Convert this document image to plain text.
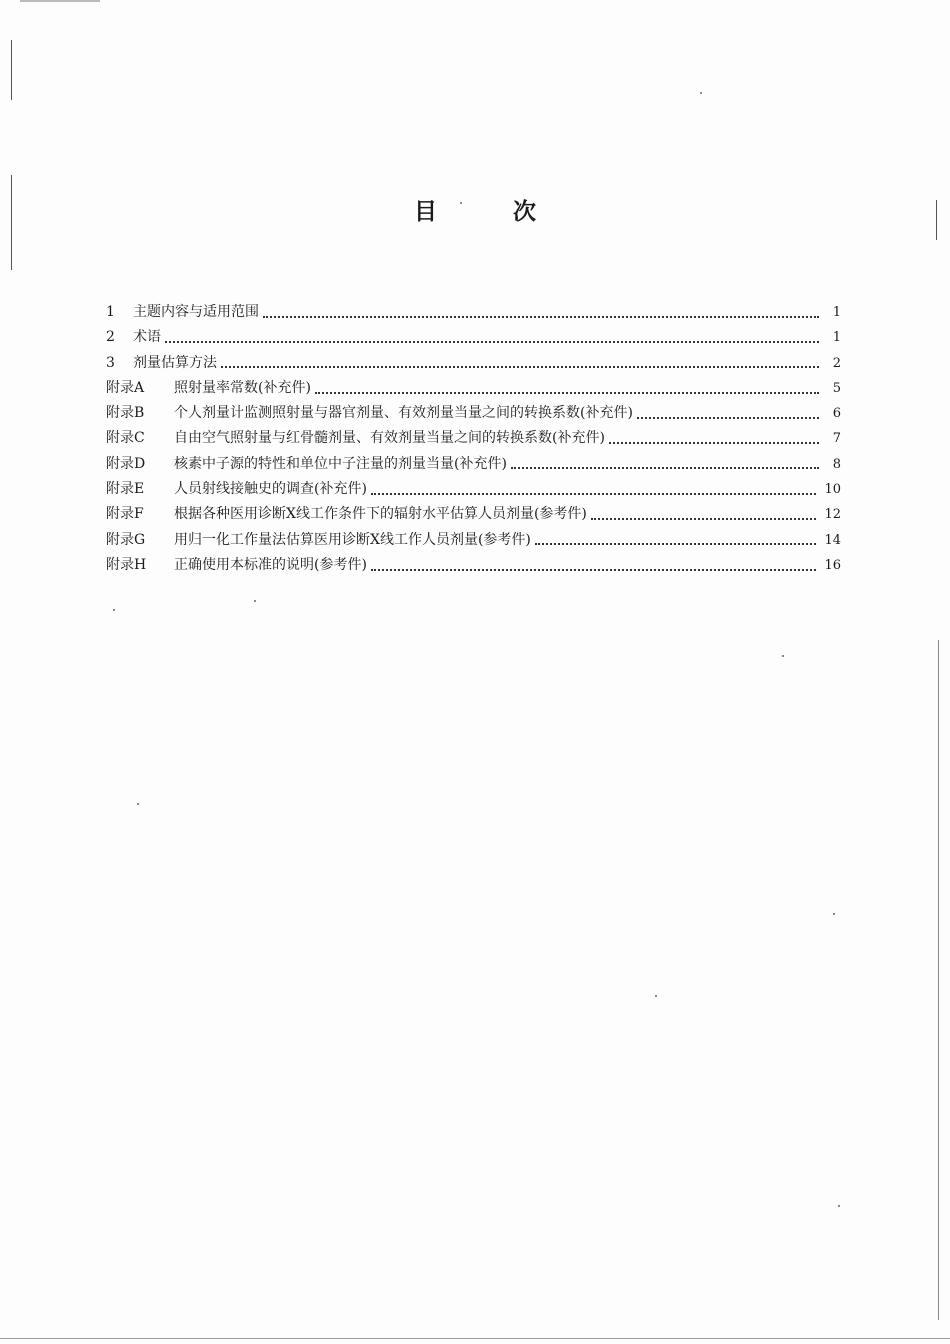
目	次
1	主题内容与适用范围	1
2	术语	1
3	剂量估算方法	2
附录A	照射量率常数(补充件)	5
附录B	个人剂量计监测照射量与器官剂量、有效剂量当量之间的转换系数(补充件)	6
附录C	自由空气照射量与红骨髓剂量、有效剂量当量之间的转换系数(补充件)	7
附录D	核素中子源的特性和单位中子注量的剂量当量(补充件)	8
附录E	人员射线接触史的调查(补充件)	10
附录F	根据各种医用诊断X线工作条件下的辐射水平估算人员剂量(参考件)	12
附录G	用归一化工作量法估算医用诊断X线工作人员剂量(参考件)	14
附录H	正确使用本标准的说明(参考件)	16
